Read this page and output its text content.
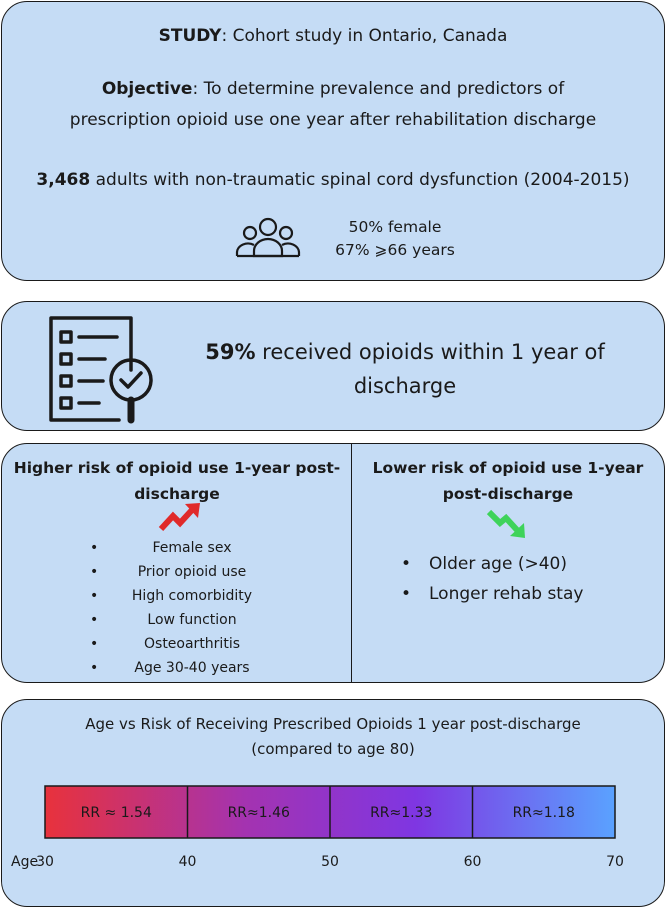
STUDY: Cohort study in Ontario, Canada
Objective: To determine prevalence and predictors of
prescription opioid use one year after rehabilitation discharge
3,468 adults with non-traumatic spinal cord dysfunction (2004-2015)
50% female
67% ⩾66 years
59% received opioids within 1 year of discharge
Higher risk of opioid use 1-year post-discharge
•	Female sex
•	Prior opioid use
• High comorbidity
•	Low function
•	Osteoarthritis
•	Age 30-40 years
Lower risk of opioid use 1-year post-discharge
• Older age (>40)
• Longer rehab stay
Age vs Risk of Receiving Prescribed Opioids 1 year post-discharge
(compared to age 80)
RR ≈ 1.54	RR≈1.46	RR≈1.33	RR≈1.18
Age
30	40	50	60	70
